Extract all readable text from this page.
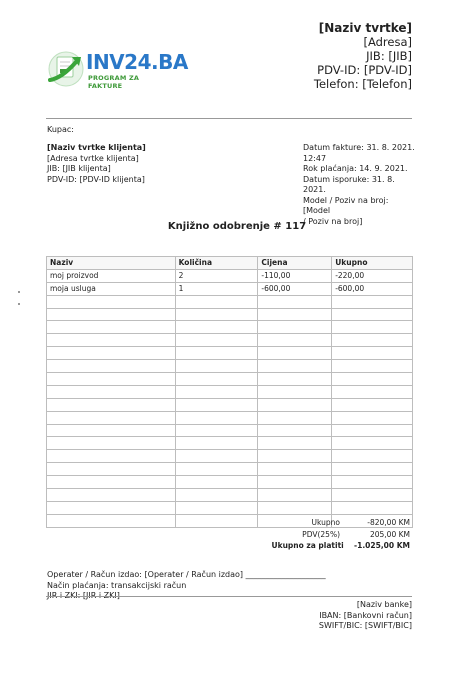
INV24.BA
PROGRAM ZA FAKTURE
[Naziv tvrtke]
[Adresa]
JIB: [JIB]
PDV-ID: [PDV-ID]
Telefon: [Telefon]
Kupac:
[Naziv tvrtke klijenta]
[Adresa tvrtke klijenta]
JIB: [JIB klijenta]
PDV-ID: [PDV-ID klijenta]
Datum fakture: 31. 8. 2021.
12:47
Rok plaćanja: 14. 9. 2021.
Datum isporuke: 31. 8. 2021.
Model / Poziv na broj: [Model
/ Poziv na broj]
Knjižno odobrenje # 117
Naziv	Količina	Cijena	Ukupno
moj proizvod	2	-110,00	-220,00
moja usluga	1	-600,00	-600,00

Ukupno	-820,00 KM
PDV(25%)	205,00 KM
Ukupno za platiti	-1.025,00 KM
Operater / Račun izdao: [Operater / Račun izdao] ____________________
Način plaćanja: transakcijski račun
[Naziv banke]
IBAN: [Bankovni račun]
SWIFT/BIC: [SWIFT/BIC]
